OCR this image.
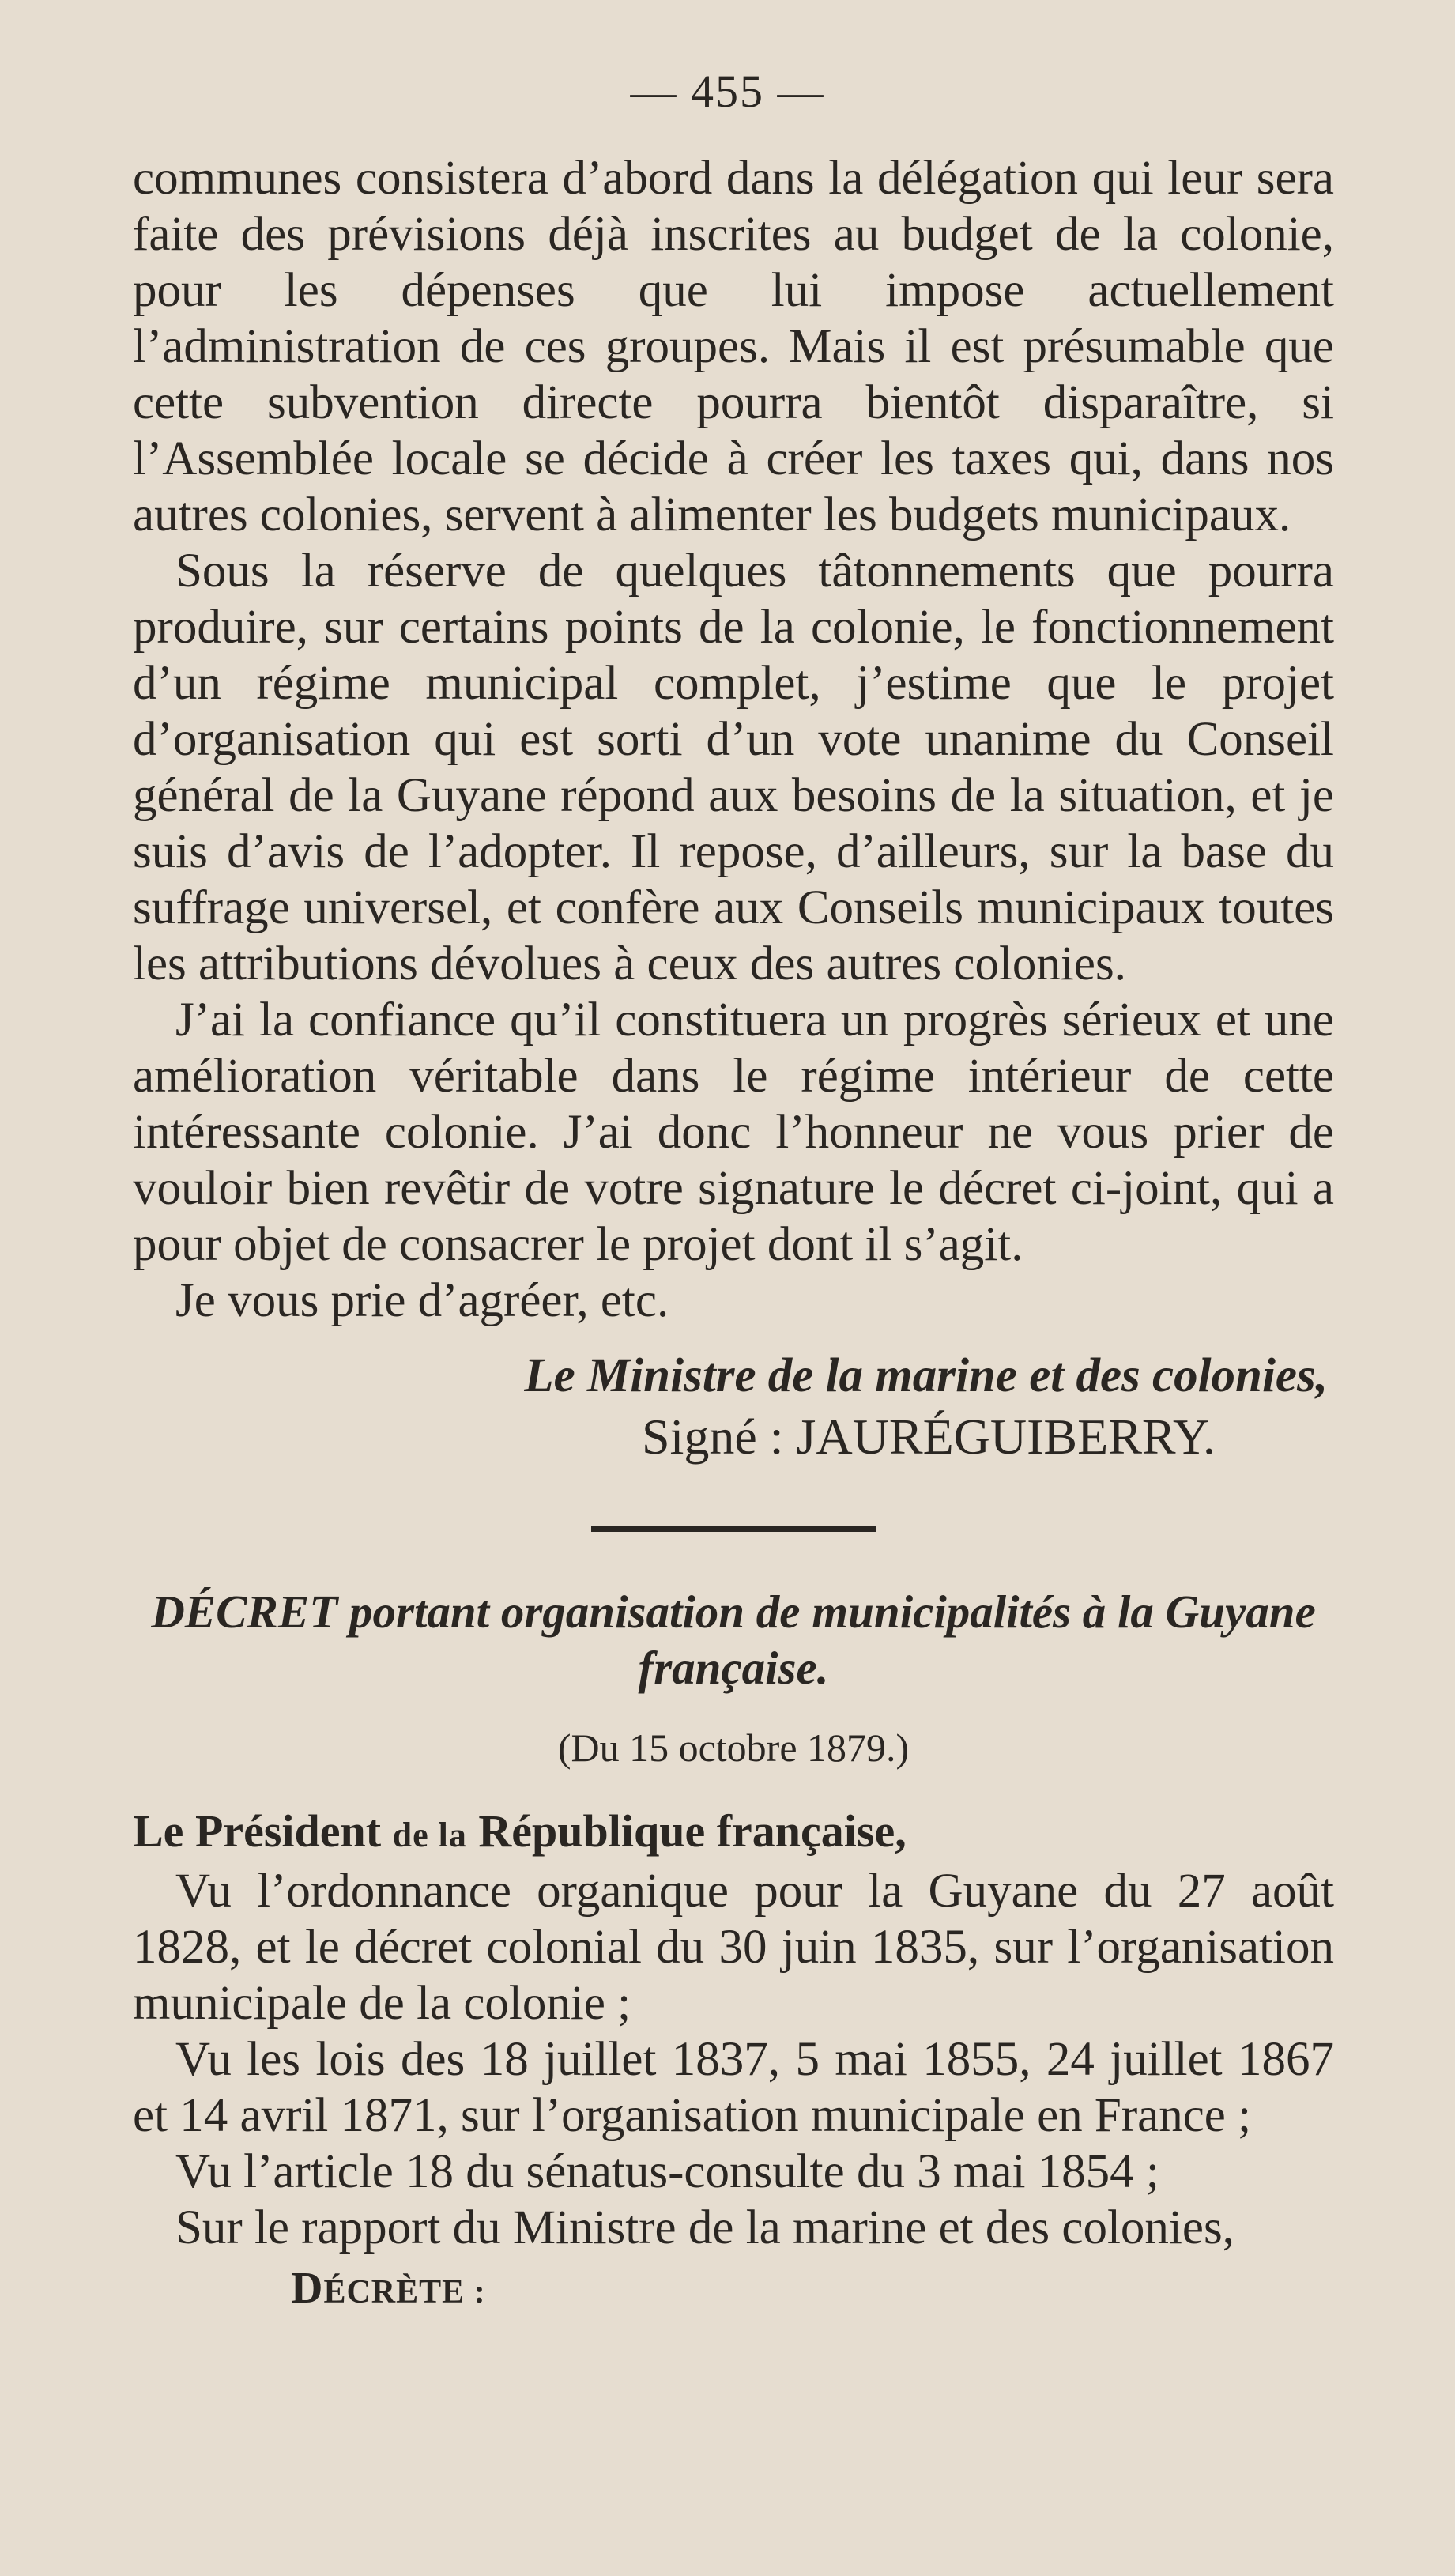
— 455 —

communes consistera d’abord dans la délégation qui leur sera faite des prévisions déjà inscrites au budget de la colonie, pour les dépenses que lui impose actuellement l’administration de ces groupes. Mais il est présumable que cette subvention directe pourra bientôt disparaître, si l’Assemblée locale se décide à créer les taxes qui, dans nos autres colonies, servent à alimenter les budgets municipaux.

Sous la réserve de quelques tâtonnements que pourra produire, sur certains points de la colonie, le fonctionnement d’un régime municipal complet, j’estime que le projet d’organisation qui est sorti d’un vote unanime du Conseil général de la Guyane répond aux besoins de la situation, et je suis d’avis de l’adopter. Il repose, d’ailleurs, sur la base du suffrage universel, et confère aux Conseils municipaux toutes les attributions dévolues à ceux des autres colonies.

J’ai la confiance qu’il constituera un progrès sérieux et une amélioration véritable dans le régime intérieur de cette intéressante colonie. J’ai donc l’honneur ne vous prier de vouloir bien revêtir de votre signature le décret ci-joint, qui a pour objet de consacrer le projet dont il s’agit.

Je vous prie d’agréer, etc.

Le Ministre de la marine et des colonies,

Signé : JAURÉGUIBERRY.

DÉCRET portant organisation de municipalités à la Guyane française.

(Du 15 octobre 1879.)

Le Président de la République française,

Vu l’ordonnance organique pour la Guyane du 27 août 1828, et le décret colonial du 30 juin 1835, sur l’organisation municipale de la colonie ;

Vu les lois des 18 juillet 1837, 5 mai 1855, 24 juillet 1867 et 14 avril 1871, sur l’organisation municipale en France ;

Vu l’article 18 du sénatus-consulte du 3 mai 1854 ;

Sur le rapport du Ministre de la marine et des colonies,

DÉCRÈTE :
